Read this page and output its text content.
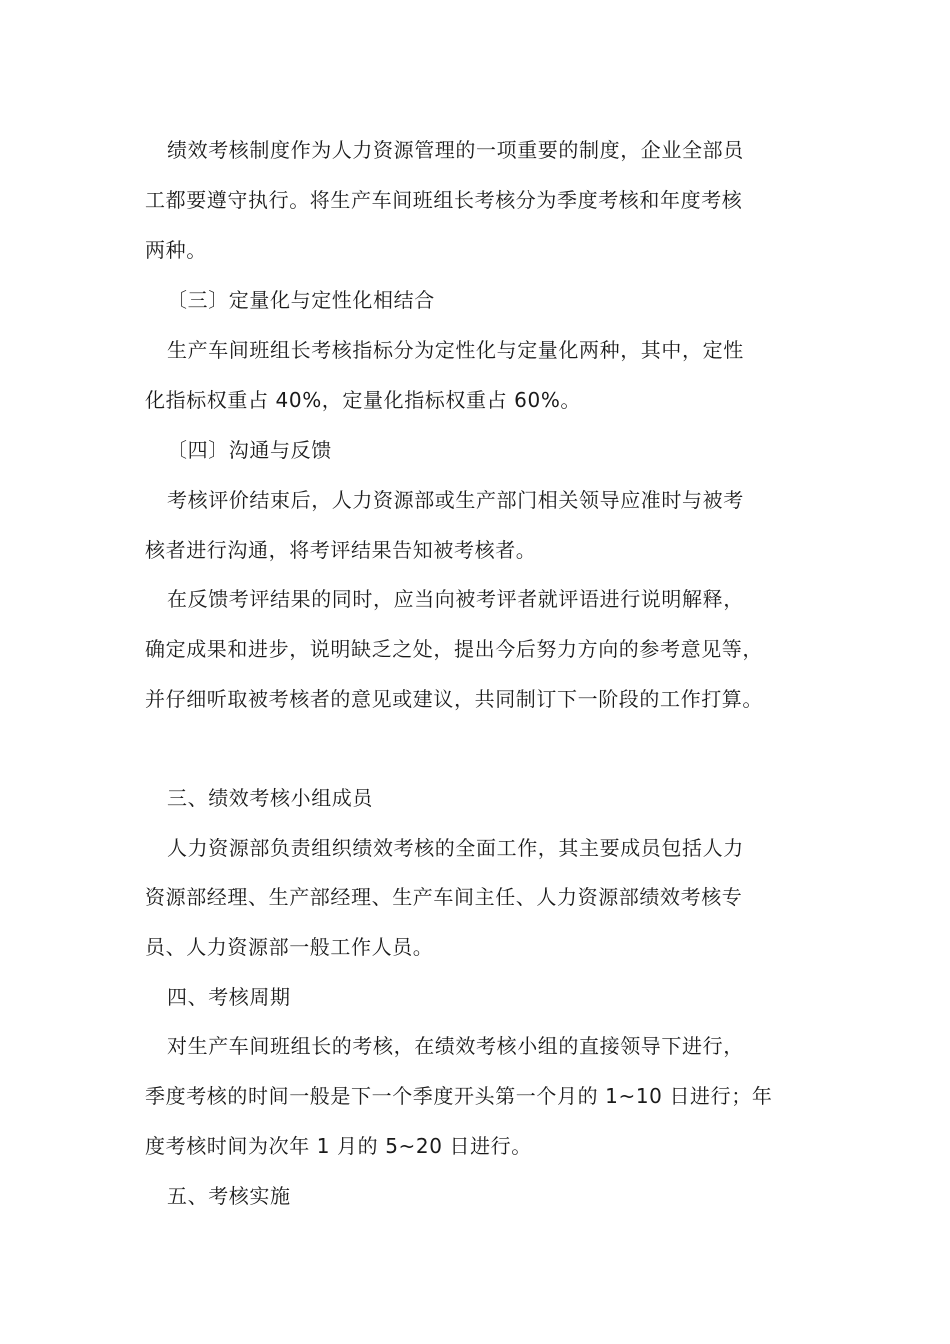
绩效考核制度作为人力资源管理的一项重要的制度，企业全部员
工都要遵守执行。将生产车间班组长考核分为季度考核和年度考核
两种。
〔三〕定量化与定性化相结合
生产车间班组长考核指标分为定性化与定量化两种，其中，定性
化指标权重占 40%，定量化指标权重占 60%。
〔四〕沟通与反馈
考核评价结束后，人力资源部或生产部门相关领导应准时与被考
核者进行沟通，将考评结果告知被考核者。
在反馈考评结果的同时，应当向被考评者就评语进行说明解释，
确定成果和进步，说明缺乏之处，提出今后努力方向的参考意见等，
并仔细听取被考核者的意见或建议，共同制订下一阶段的工作打算。
三、绩效考核小组成员
人力资源部负责组织绩效考核的全面工作，其主要成员包括人力
资源部经理、生产部经理、生产车间主任、人力资源部绩效考核专
员、人力资源部一般工作人员。
四、考核周期
对生产车间班组长的考核，在绩效考核小组的直接领导下进行，
季度考核的时间一般是下一个季度开头第一个月的 1~10 日进行；年
度考核时间为次年 1 月的 5~20 日进行。
五、考核实施
